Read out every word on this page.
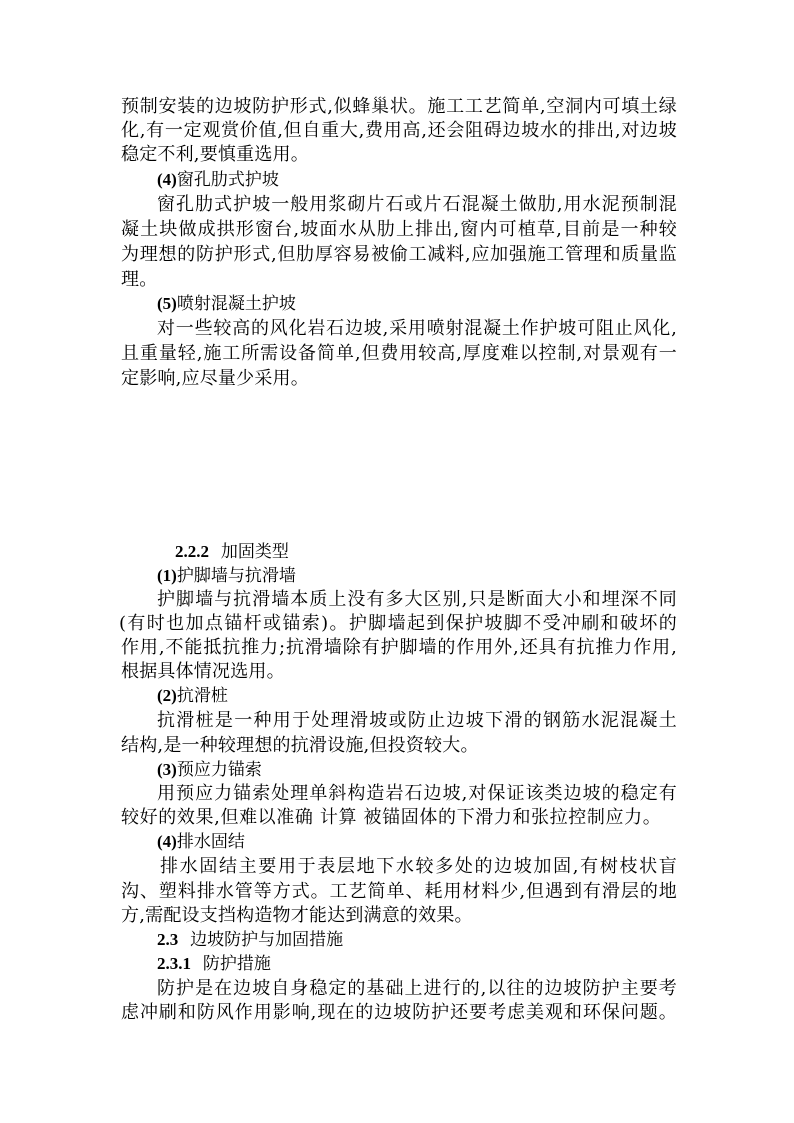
预制安装的边坡防护形式,似蜂巢状。施工工艺简单,空洞内可填土绿
化,有一定观赏价值,但自重大,费用高,还会阻碍边坡水的排出,对边坡
稳定不利,要慎重选用。
(4)窗孔肋式护坡
窗孔肋式护坡一般用浆砌片石或片石混凝土做肋,用水泥预制混
凝土块做成拱形窗台,坡面水从肋上排出,窗内可植草,目前是一种较
为理想的防护形式,但肋厚容易被偷工减料,应加强施工管理和质量监
理。
(5)喷射混凝土护坡
对一些较高的风化岩石边坡,采用喷射混凝土作护坡可阻止风化,
且重量轻,施工所需设备简单,但费用较高,厚度难以控制,对景观有一
定影响,应尽量少采用。
2.2.2 加固类型
(1)护脚墙与抗滑墙
护脚墙与抗滑墙本质上没有多大区别,只是断面大小和埋深不同
(有时也加点锚杆或锚索)。护脚墙起到保护坡脚不受冲刷和破坏的
作用,不能抵抗推力;抗滑墙除有护脚墙的作用外,还具有抗推力作用,
根据具体情况选用。
(2)抗滑桩
抗滑桩是一种用于处理滑坡或防止边坡下滑的钢筋水泥混凝土
结构,是一种较理想的抗滑设施,但投资较大。
(3)预应力锚索
用预应力锚索处理单斜构造岩石边坡,对保证该类边坡的稳定有
较好的效果,但难以准确 计算 被锚固体的下滑力和张拉控制应力。
(4)排水固结
排水固结主要用于表层地下水较多处的边坡加固,有树枝状盲
沟、塑料排水管等方式。工艺简单、耗用材料少,但遇到有滑层的地
方,需配设支挡构造物才能达到满意的效果。
2.3 边坡防护与加固措施
2.3.1 防护措施
防护是在边坡自身稳定的基础上进行的,以往的边坡防护主要考
虑冲刷和防风作用影响,现在的边坡防护还要考虑美观和环保问题。
